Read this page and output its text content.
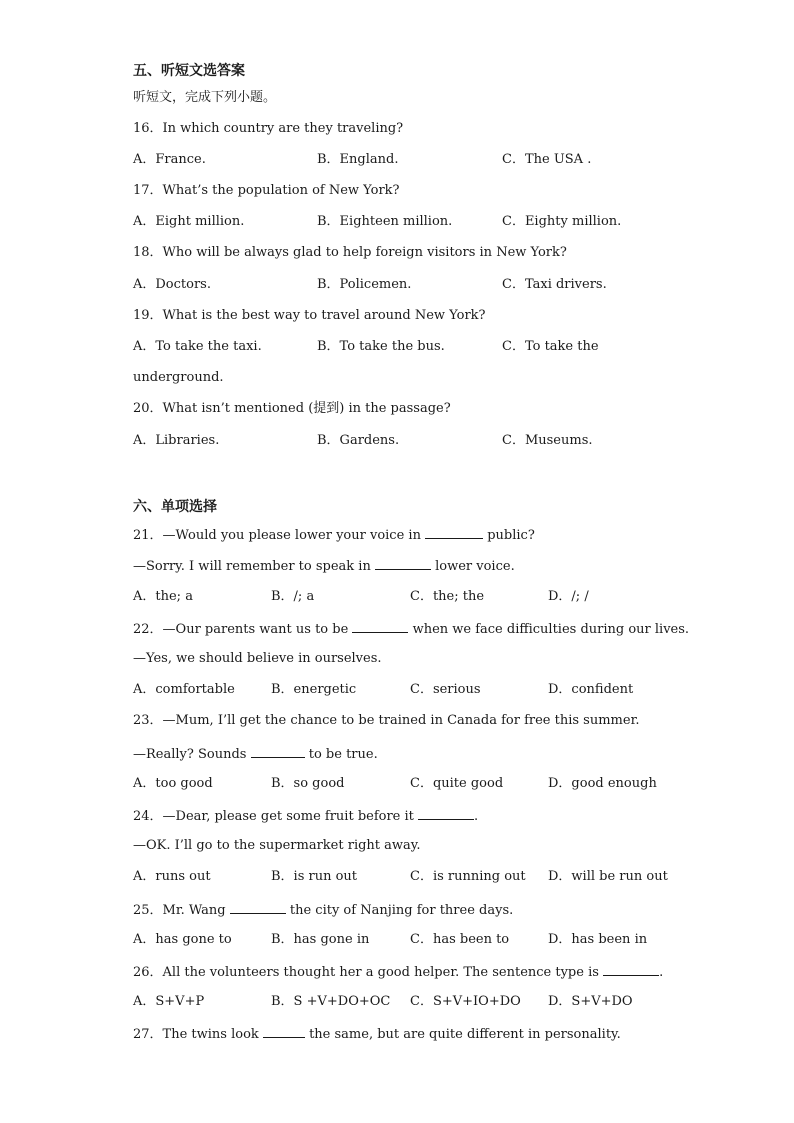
五、听短文选答案
听短文，完成下列小题。
16．In which country are they traveling?
A．France.	B．England.	C．The USA .
17．What’s the population of New York?
A．Eight million.	B．Eighteen million.	C．Eighty million.
18．Who will be always glad to help foreign visitors in New York?
A．Doctors.	B．Policemen.	C．Taxi drivers.
19．What is the best way to travel around New York?
A．To take the taxi.	B．To take the bus.	C．To take the
underground.
20．What isn’t mentioned (提到) in the passage?
A．Libraries.	B．Gardens.	C．Museums.
六、单项选择
21．—Would you please lower your voice in	public?
—Sorry. I will remember to speak in	lower voice.
A．the; a	B．/; a	C．the; the	D．/; /
22．—Our parents want us to be	when we face difficulties during our lives.
—Yes, we should believe in ourselves.
A．comfortable	B．energetic	C．serious	D．confident
23．—Mum, I’ll get the chance to be trained in Canada for free this summer.
—Really? Sounds	to be true.
A．too good	B．so good	C．quite good	D．good enough
24．—Dear, please get some fruit before it	.
—OK. I’ll go to the supermarket right away.
A．runs out	B．is run out	C．is running out D．will be run out
25．Mr. Wang	the city of Nanjing for three days.
A．has gone to	B．has gone in	C．has been to	D．has been in
26．All the volunteers thought her a good helper. The sentence type is	.
A．S+V+P	B．S +V+DO+OC C．S+V+IO+DO D．S+V+DO
27．The twins look	the same, but are quite different in personality.
